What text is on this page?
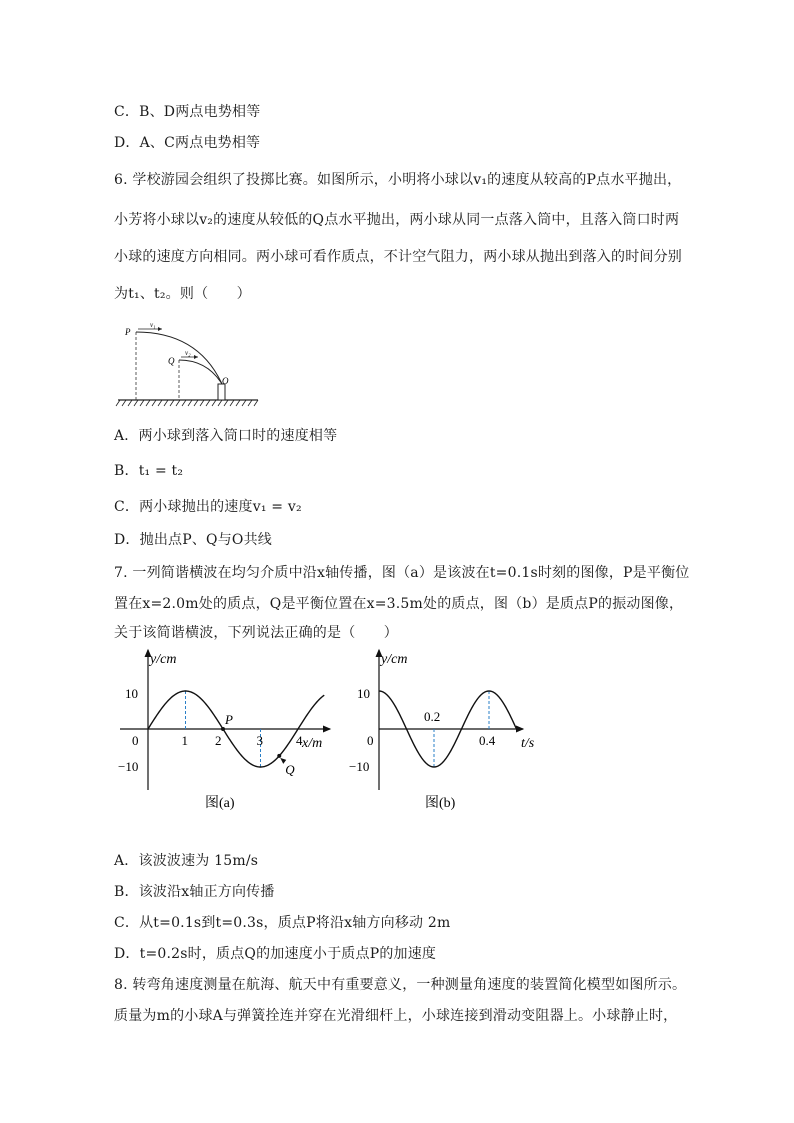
C．B、D两点电势相等
D．A、C两点电势相等
6. 学校游园会组织了投掷比赛。如图所示，小明将小球以v₁的速度从较高的P点水平抛出，
小芳将小球以v₂的速度从较低的Q点水平抛出，两小球从同一点落入筒中，且落入筒口时两
小球的速度方向相同。两小球可看作质点，不计空气阻力，两小球从抛出到落入的时间分别
为t₁、t₂。则（　　）
P
Q
O
v₁
v₂
A．两小球到落入筒口时的速度相等
B．t₁ = t₂
C．两小球抛出的速度v₁ = v₂
D．抛出点P、Q与O共线
7. 一列简谐横波在均匀介质中沿x轴传播，图（a）是该波在t=0.1s时刻的图像，P是平衡位
置在x=2.0m处的质点，Q是平衡位置在x=3.5m处的质点，图（b）是质点P的振动图像，
关于该简谐横波，下列说法正确的是（　　）
y/cm
x/m
10
−10
0	1 2	3	4
P
Q
图(a)
y/cm
t/s
10
−10
0
0.2
0.4
图(b)
A．该波波速为 15m/s
B．该波沿x轴正方向传播
C．从t=0.1s到t=0.3s，质点P将沿x轴方向移动 2m
D．t=0.2s时，质点Q的加速度小于质点P的加速度
8. 转弯角速度测量在航海、航天中有重要意义，一种测量角速度的装置简化模型如图所示。
质量为m的小球A与弹簧拴连并穿在光滑细杆上，小球连接到滑动变阻器上。小球静止时，
